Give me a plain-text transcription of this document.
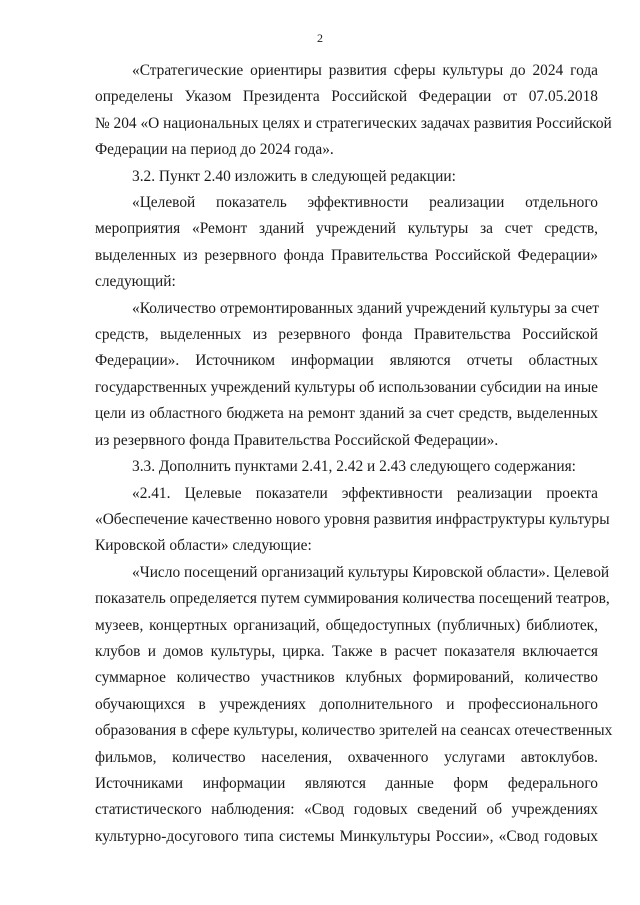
2
«Стратегические ориентиры развития сферы культуры до 2024 года
определены Указом Президента Российской Федерации от 07.05.2018
№ 204 «О национальных целях и стратегических задачах развития Российской
Федерации на период до 2024 года».
3.2. Пункт 2.40 изложить в следующей редакции:
«Целевой показатель эффективности реализации отдельного
мероприятия «Ремонт зданий учреждений культуры за счет средств,
выделенных из резервного фонда Правительства Российской Федерации»
следующий:
«Количество отремонтированных зданий учреждений культуры за счет
средств, выделенных из резервного фонда Правительства Российской
Федерации». Источником информации являются отчеты областных
государственных учреждений культуры об использовании субсидии на иные
цели из областного бюджета на ремонт зданий за счет средств, выделенных
из резервного фонда Правительства Российской Федерации».
3.3. Дополнить пунктами 2.41, 2.42 и 2.43 следующего содержания:
«2.41. Целевые показатели эффективности реализации проекта
«Обеспечение качественно нового уровня развития инфраструктуры культуры
Кировской области» следующие:
«Число посещений организаций культуры Кировской области». Целевой
показатель определяется путем суммирования количества посещений театров,
музеев, концертных организаций, общедоступных (публичных) библиотек,
клубов и домов культуры, цирка. Также в расчет показателя включается
суммарное количество участников клубных формирований, количество
обучающихся в учреждениях дополнительного и профессионального
образования в сфере культуры, количество зрителей на сеансах отечественных
фильмов, количество населения, охваченного услугами автоклубов.
Источниками информации являются данные форм федерального
статистического наблюдения: «Свод годовых сведений об учреждениях
культурно-досугового типа системы Минкультуры России», «Свод годовых
